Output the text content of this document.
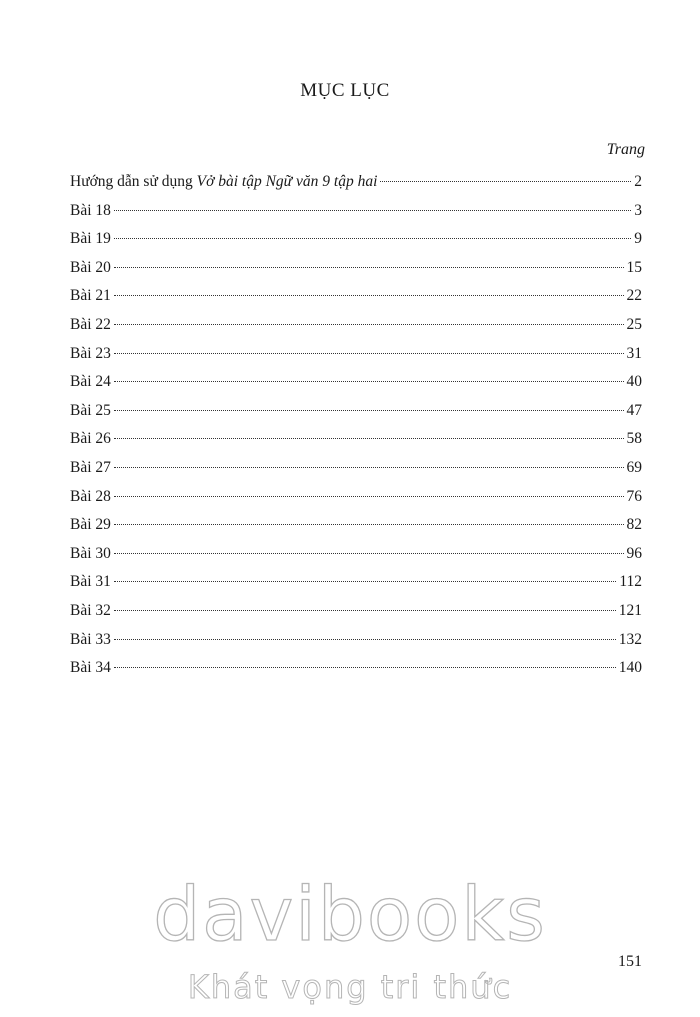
MỤC LỤC
Trang
Hướng dẫn sử dụng Vở bài tập Ngữ văn 9 tập hai	2
Bài 18	3
Bài 19	9
Bài 20	15
Bài 21	22
Bài 22	25
Bài 23	31
Bài 24	40
Bài 25	47
Bài 26	58
Bài 27	69
Bài 28	76
Bài 29	82
Bài 30	96
Bài 31	112
Bài 32	121
Bài 33	132
Bài 34	140
151
davibooks
Khát vọng tri thức
